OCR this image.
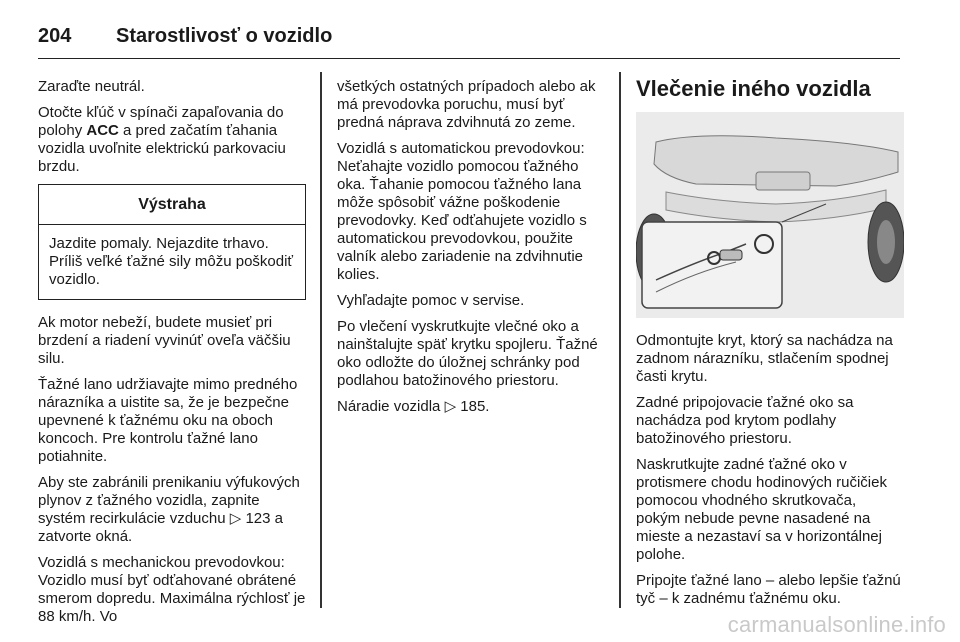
204	Starostlivosť o vozidlo

Zaraďte neutrál.

Otočte kľúč v spínači zapaľovania do polohy ACC a pred začatím ťahania vozidla uvoľnite elektrickú parkovaciu brzdu.

Výstraha
Jazdite pomaly. Nejazdite trhavo. Príliš veľké ťažné sily môžu poškodiť vozidlo.

Ak motor nebeží, budete musieť pri brzdení a riadení vyvinúť oveľa väčšiu silu.

Ťažné lano udržiavajte mimo predného nárazníka a uistite sa, že je bezpečne upevnené k ťažnému oku na oboch koncoch. Pre kontrolu ťažné lano potiahnite.

Aby ste zabránili prenikaniu výfukových plynov z ťažného vozidla, zapnite systém recirkulácie vzduchu ▷ 123 a zatvorte okná.

Vozidlá s mechanickou prevodovkou: Vozidlo musí byť odťahované obrátené smerom dopredu. Maximálna rýchlosť je 88 km/h. Vo

všetkých ostatných prípadoch alebo ak má prevodovka poruchu, musí byť predná náprava zdvihnutá zo zeme.

Vozidlá s automatickou prevodovkou: Neťahajte vozidlo pomocou ťažného oka. Ťahanie pomocou ťažného lana môže spôsobiť vážne poškodenie prevodovky. Keď odťahujete vozidlo s automatickou prevodovkou, použite valník alebo zariadenie na zdvihnutie kolies.

Vyhľadajte pomoc v servise.

Po vlečení vyskrutkujte vlečné oko a nainštalujte späť krytku spojleru. Ťažné oko odložte do úložnej schránky pod podlahou batožinového priestoru.

Náradie vozidla ▷ 185.

Vlečenie iného vozidla

Odmontujte kryt, ktorý sa nachádza na zadnom nárazníku, stlačením spodnej časti krytu.

Zadné pripojovacie ťažné oko sa nachádza pod krytom podlahy batožinového priestoru.

Naskrutkujte zadné ťažné oko v protismere chodu hodinových ručičiek pomocou vhodného skrutkovača, pokým nebude pevne nasadené na mieste a nezastaví sa v horizontálnej polohe.

Pripojte ťažné lano – alebo lepšie ťažnú tyč – k zadnému ťažnému oku.

carmanualsonline.info
